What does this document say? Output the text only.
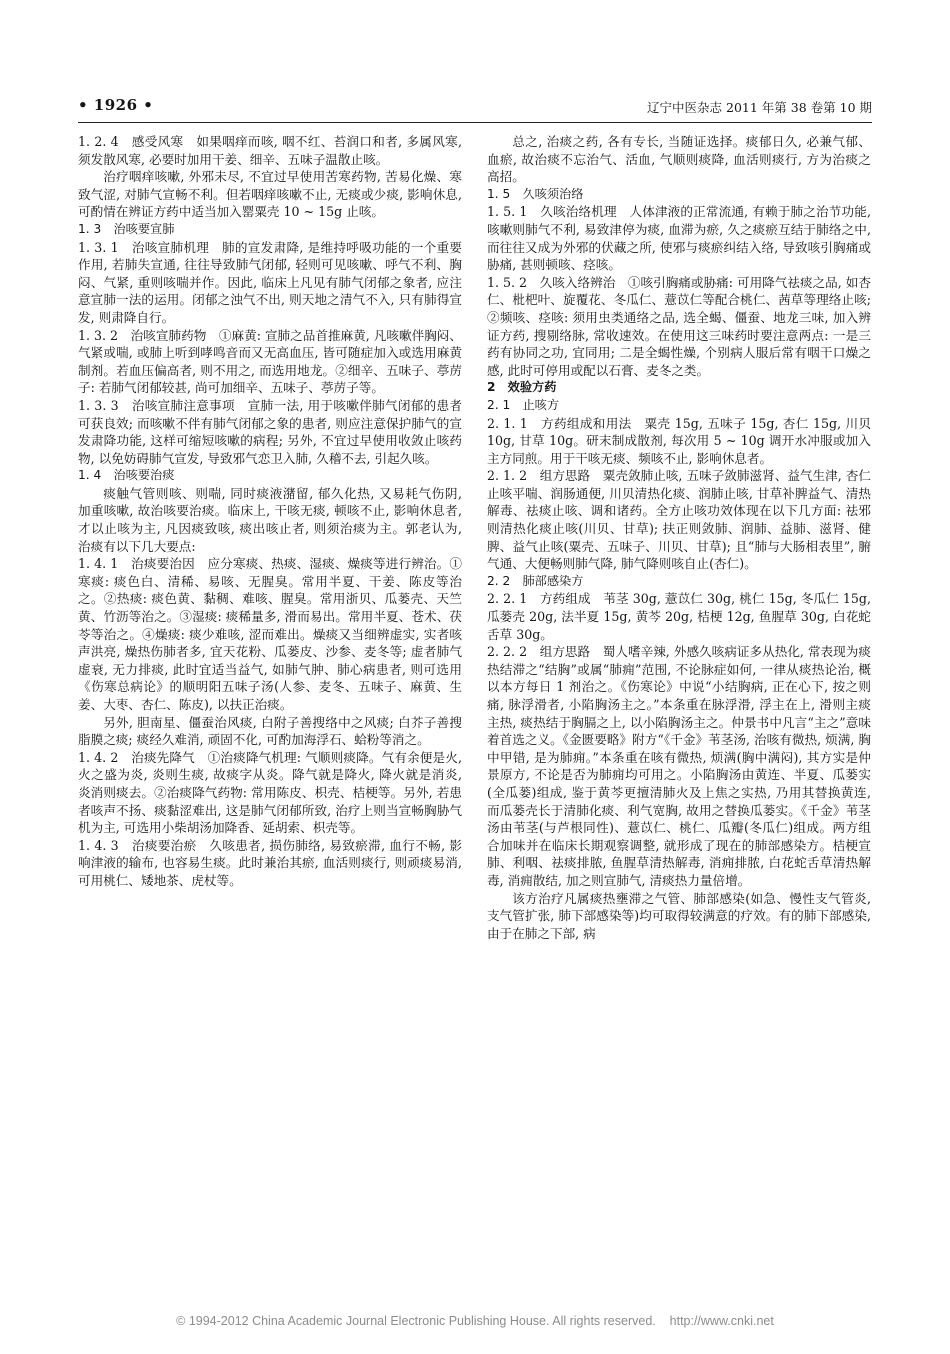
• 1926 •	辽宁中医杂志 2011 年第 38 卷第 10 期

1. 2. 4　感受风寒　如果咽痒而咳, 咽不红、苔润口和者, 多属风寒, 须发散风寒, 必要时加用干姜、细辛、五味子温散止咳。

治疗咽痒咳嗽, 外邪未尽, 不宜过早使用苦寒药物, 苦易化燥、寒致气涩, 对肺气宣畅不利。但若咽痒咳嗽不止, 无痰或少痰, 影响休息, 可酌情在辨证方药中适当加入罂粟壳 10 ~ 15g 止咳。

1. 3　治咳要宣肺

1. 3. 1　治咳宣肺机理　肺的宣发肃降, 是维持呼吸功能的一个重要作用, 若肺失宣通, 往往导致肺气闭郁, 轻则可见咳嗽、呼气不利、胸闷、气紧, 重则咳喘并作。因此, 临床上凡见有肺气闭郁之象者, 应注意宣肺一法的运用。闭郁之浊气不出, 则天地之清气不入, 只有肺得宣发, 则肃降自行。

1. 3. 2　治咳宣肺药物　①麻黄: 宣肺之品首推麻黄, 凡咳嗽伴胸闷、气紧或喘, 或肺上听到哮鸣音而又无高血压, 皆可随症加入或选用麻黄制剂。若血压偏高者, 则不用之, 而选用地龙。②细辛、五味子、葶苈子: 若肺气闭郁较甚, 尚可加细辛、五味子、葶苈子等。

1. 3. 3　治咳宣肺注意事项　宣肺一法, 用于咳嗽伴肺气闭郁的患者可获良效; 而咳嗽不伴有肺气闭郁之象的患者, 则应注意保护肺气的宣发肃降功能, 这样可缩短咳嗽的病程; 另外, 不宜过早使用收敛止咳药物, 以免妨碍肺气宣发, 导致邪气恋卫入肺, 久稽不去, 引起久咳。

1. 4　治咳要治痰

痰触气管则咳、则喘, 同时痰液潴留, 郁久化热, 又易耗气伤阴, 加重咳嗽, 故治咳要治痰。临床上, 干咳无痰, 顿咳不止, 影响休息者, 才以止咳为主, 凡因痰致咳, 痰出咳止者, 则须治痰为主。郭老认为, 治痰有以下几大要点:

1. 4. 1　治痰要治因　应分寒痰、热痰、湿痰、燥痰等进行辨治。①寒痰: 痰色白、清稀、易咳、无腥臭。常用半夏、干姜、陈皮等治之。②热痰: 痰色黄、黏稠、难咳、腥臭。常用浙贝、瓜蒌壳、天竺黄、竹沥等治之。③湿痰: 痰稀量多, 滑而易出。常用半夏、苍术、茯苓等治之。④燥痰: 痰少难咳, 涩而难出。燥痰又当细辨虚实, 实者咳声洪亮, 燥热伤肺者多, 宜天花粉、瓜蒌皮、沙参、麦冬等; 虚者肺气虚衰, 无力排痰, 此时宜适当益气, 如肺气肿、肺心病患者, 则可选用《伤寒总病论》的顺明阳五味子汤(人参、麦冬、五味子、麻黄、生姜、大枣、杏仁、陈皮), 以扶正治痰。

另外, 胆南星、僵蚕治风痰, 白附子善搜络中之风痰; 白芥子善搜脂膜之痰; 痰经久难消, 顽固不化, 可酌加海浮石、蛤粉等消之。

1. 4. 2　治痰先降气　①治痰降气机理: 气顺则痰降。气有余便是火, 火之盛为炎, 炎则生痰, 故痰字从炎。降气就是降火, 降火就是消炎, 炎消则痰去。②治痰降气药物: 常用陈皮、枳壳、桔梗等。另外, 若患者咳声不扬、痰黏涩难出, 这是肺气闭郁所致, 治疗上则当宣畅胸胁气机为主, 可选用小柴胡汤加降香、延胡索、枳壳等。

1. 4. 3　治痰要治瘀　久咳患者, 损伤肺络, 易致瘀滞, 血行不畅, 影响津液的输布, 也容易生痰。此时兼治其瘀, 血活则痰行, 则顽痰易消, 可用桃仁、矮地茶、虎杖等。

总之, 治痰之药, 各有专长, 当随证选择。痰郁日久, 必兼气郁、血瘀, 故治痰不忘治气、活血, 气顺则痰降, 血活则痰行, 方为治痰之高招。

1. 5　久咳须治络

1. 5. 1　久咳治络机理　人体津液的正常流通, 有赖于肺之治节功能, 咳嗽则肺气不利, 易致津停为痰, 血滞为瘀, 久之痰瘀互结于肺络之中, 而往往又成为外邪的伏藏之所, 使邪与痰瘀纠结入络, 导致咳引胸痛或胁痛, 甚则顿咳、痉咳。

1. 5. 2　久咳入络辨治　①咳引胸痛或胁痛: 可用降气祛痰之品, 如杏仁、枇杷叶、旋覆花、冬瓜仁、薏苡仁等配合桃仁、茜草等理络止咳; ②频咳、痉咳: 须用虫类通络之品, 选全蝎、僵蚕、地龙三味, 加入辨证方药, 搜剔络脉, 常收速效。在使用这三味药时要注意两点: 一是三药有协同之功, 宜同用; 二是全蝎性燥, 个别病人服后常有咽干口燥之感, 此时可停用或配以石膏、麦冬之类。

2　效验方药

2. 1　止咳方

2. 1. 1　方药组成和用法　粟壳 15g, 五味子 15g, 杏仁 15g, 川贝 10g, 甘草 10g。研末制成散剂, 每次用 5 ~ 10g 调开水冲服或加入主方同煎。用于干咳无痰、频咳不止, 影响休息者。

2. 1. 2　组方思路　粟壳敛肺止咳, 五味子敛肺滋肾、益气生津, 杏仁止咳平喘、润肠通便, 川贝清热化痰、润肺止咳, 甘草补脾益气、清热解毒、祛痰止咳、调和诸药。全方止咳功效体现在以下几方面: 祛邪则清热化痰止咳(川贝、甘草); 扶正则敛肺、润肺、益肺、滋肾、健脾、益气止咳(粟壳、五味子、川贝、甘草); 且“肺与大肠相表里”, 腑气通、大便畅则肺气降, 肺气降则咳自止(杏仁)。

2. 2　肺部感染方

2. 2. 1　方药组成　苇茎 30g, 薏苡仁 30g, 桃仁 15g, 冬瓜仁 15g, 瓜蒌壳 20g, 法半夏 15g, 黄芩 20g, 桔梗 12g, 鱼腥草 30g, 白花蛇舌草 30g。

2. 2. 2　组方思路　蜀人嗜辛辣, 外感久咳病证多从热化, 常表现为痰热结滞之“结胸”或属“肺痈”范围, 不论脉症如何, 一律从痰热论治, 概以本方每日 1 剂治之。《伤寒论》中说“小结胸病, 正在心下, 按之则痛, 脉浮滑者, 小陷胸汤主之。”本条重在脉浮滑, 浮主在上, 滑则主痰主热, 痰热结于胸膈之上, 以小陷胸汤主之。仲景书中凡言“主之”意味着首选之义。《金匮要略》附方“《千金》苇茎汤, 治咳有微热, 烦满, 胸中甲错, 是为肺痈。”本条重在咳有微热, 烦满(胸中满闷), 其方实是仲景原方, 不论是否为肺痈均可用之。小陷胸汤由黄连、半夏、瓜蒌实(全瓜蒌)组成, 鉴于黄芩更擅清肺火及上焦之实热, 乃用其替换黄连, 而瓜蒌壳长于清肺化痰、利气宽胸, 故用之替换瓜蒌实。《千金》苇茎汤由苇茎(与芦根同性)、薏苡仁、桃仁、瓜瓣(冬瓜仁)组成。两方组合加味并在临床长期观察调整, 就形成了现在的肺部感染方。桔梗宣肺、利咽、祛痰排脓, 鱼腥草清热解毒, 消痈排脓, 白花蛇舌草清热解毒, 消痈散结, 加之则宣肺气, 清痰热力量倍增。

该方治疗凡属痰热壅滞之气管、肺部感染(如急、慢性支气管炎, 支气管扩张, 肺下部感染等)均可取得较满意的疗效。有的肺下部感染, 由于在肺之下部, 病

© 1994-2012 China Academic Journal Electronic Publishing House. All rights reserved.    http://www.cnki.net
